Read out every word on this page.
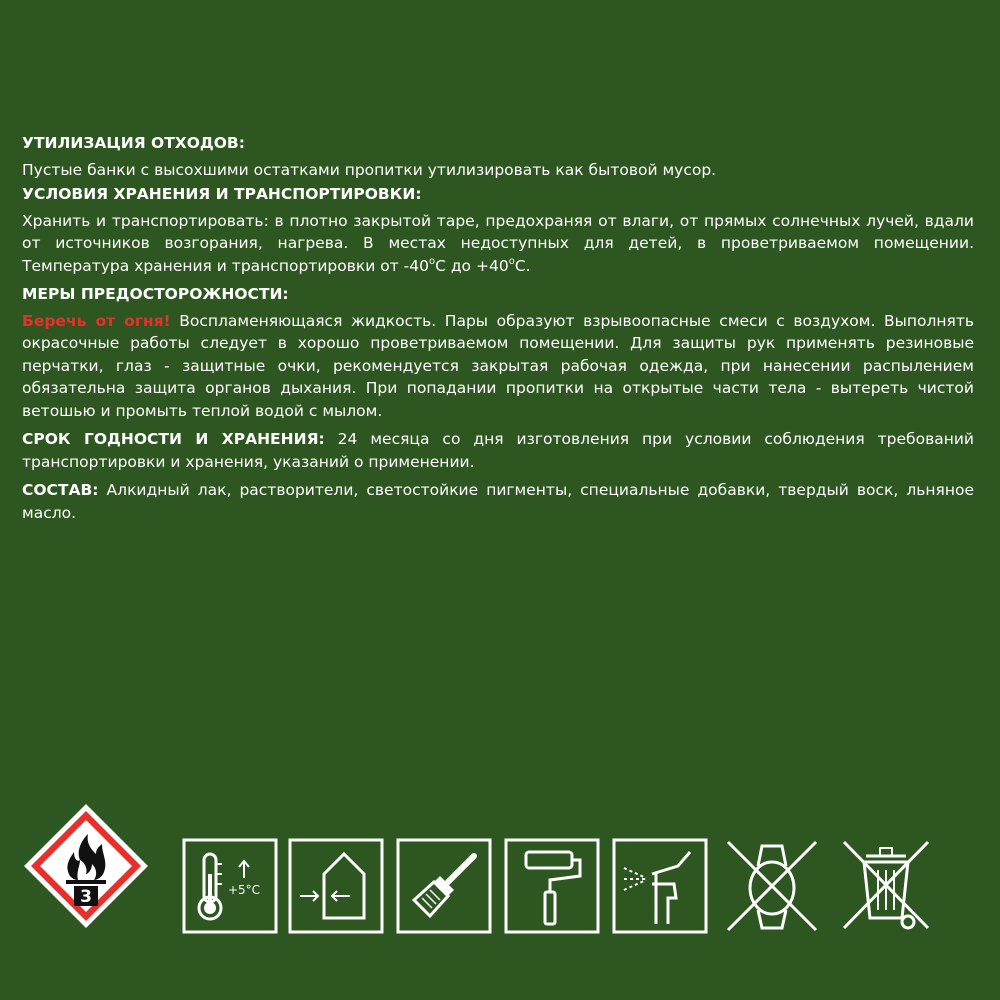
УТИЛИЗАЦИЯ ОТХОДОВ:
Пустые банки с высохшими остатками пропитки утилизировать как бытовой мусор.

УСЛОВИЯ ХРАНЕНИЯ И ТРАНСПОРТИРОВКИ:
Хранить и транспортировать: в плотно закрытой таре, предохраняя от влаги, от прямых солнечных лучей, вдали от источников возгорания, нагрева. В местах недоступных для детей, в проветриваемом помещении. Температура хранения и транспортировки от $-40^оС$ до $+40^оС$.

МЕРЫ ПРЕДОСТОРОЖНОСТИ:
Беречь от огня! Воспламеняющаяся жидкость. Пары образуют взрывоопасные смеси с воздухом. Выполнять окрасочные работы следует в хорошо проветриваемом помещении. Для защиты рук применять резиновые перчатки, глаз - защитные очки, рекомендуется закрытая рабочая одежда, при нанесении распылением обязательна защита органов дыхания. При попадании пропитки на открытые части тела - вытереть чистой ветошью и промыть теплой водой с мылом.

СРОК ГОДНОСТИ И ХРАНЕНИЯ: 24 месяца со дня изготовления при условии соблюдения требований транспортировки и хранения, указаний о применении.

СОСТАВ: Алкидный лак, растворители, светостойкие пигменты, специальные добавки, твердый воск, льняное масло.

3	+5°C
